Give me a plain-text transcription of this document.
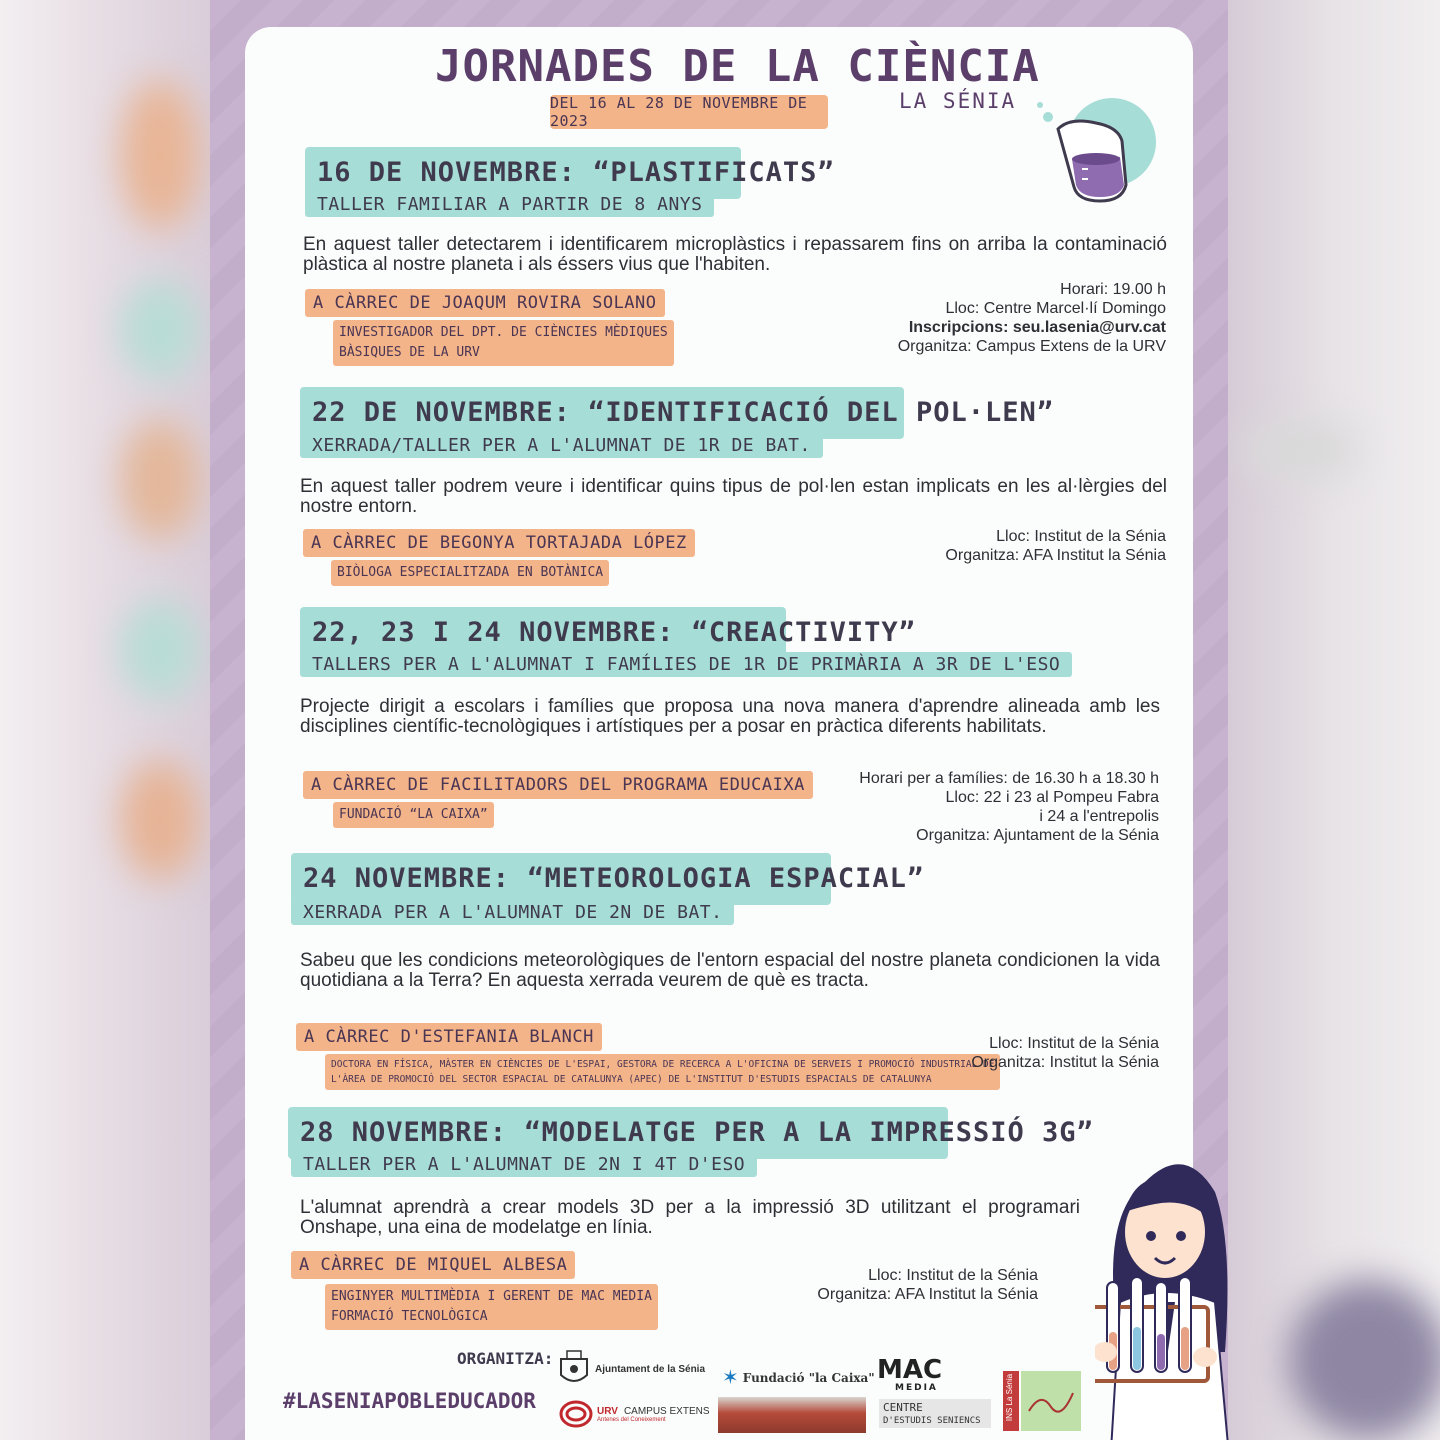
JORNADES DE LA CIÈNCIA
LA SÉNIA
DEL 16 AL 28 DE NOVEMBRE DE 2023
16 DE NOVEMBRE: “PLASTIFICATS”
TALLER FAMILIAR A PARTIR DE 8 ANYS
En aquest taller detectarem i identificarem microplàstics i repassarem fins on arriba la contaminació plàstica al nostre planeta i als éssers vius que l'habiten.
A CÀRREC DE JOAQUM ROVIRA SOLANO
INVESTIGADOR DEL DPT. DE CIÈNCIES MÈDIQUES
BÀSIQUES DE LA URV
Horari: 19.00 h
Lloc: Centre Marcel·lí Domingo
Inscripcions: seu.lasenia@urv.cat
Organitza: Campus Extens de la URV
22 DE NOVEMBRE: “IDENTIFICACIÓ DEL POL·LEN”
XERRADA/TALLER PER A L'ALUMNAT DE 1R DE BAT.
En aquest taller podrem veure i identificar quins tipus de pol·len estan implicats en les al·lèrgies del nostre entorn.
A CÀRREC DE BEGONYA TORTAJADA LÓPEZ
BIÒLOGA ESPECIALITZADA EN BOTÀNICA
Lloc: Institut de la Sénia
Organitza: AFA Institut la Sénia
22, 23 I 24 NOVEMBRE: “CREACTIVITY”
TALLERS PER A L'ALUMNAT I FAMÍLIES DE 1R DE PRIMÀRIA A 3R DE L'ESO
Projecte dirigit a escolars i famílies que proposa una nova manera d'aprendre alineada amb les disciplines científic-tecnològiques i artístiques per a posar en pràctica diferents habilitats.
A CÀRREC DE FACILITADORS DEL PROGRAMA EDUCAIXA
FUNDACIÓ “LA CAIXA”
Horari per a famílies: de 16.30 h a 18.30 h
Lloc: 22 i 23 al Pompeu Fabra
i 24 a l'entrepolis
Organitza: Ajuntament de la Sénia
24 NOVEMBRE: “METEOROLOGIA ESPACIAL”
XERRADA PER A L'ALUMNAT DE 2N DE BAT.
Sabeu que les condicions meteorològiques de l'entorn espacial del nostre planeta condicionen la vida quotidiana a la Terra? En aquesta xerrada veurem de què es tracta.
A CÀRREC D'ESTEFANIA BLANCH
DOCTORA EN FÍSICA, MÀSTER EN CIÈNCIES DE L'ESPAI, GESTORA DE RECERCA A L'OFICINA DE SERVEIS I PROMOCIÓ INDUSTRIAL DE
L'ÀREA DE PROMOCIÓ DEL SECTOR ESPACIAL DE CATALUNYA (APEC) DE L'INSTITUT D'ESTUDIS ESPACIALS DE CATALUNYA
Lloc: Institut de la Sénia
Organitza: Institut la Sénia
28 NOVEMBRE: “MODELATGE PER A LA IMPRESSIÓ 3G”
TALLER PER A L'ALUMNAT DE 2N I 4T D'ESO
L'alumnat aprendrà a crear models 3D per a la impressió 3D utilitzant el programari Onshape, una eina de modelatge en línia.
A CÀRREC DE MIQUEL ALBESA
ENGINYER MULTIMÈDIA I GERENT DE MAC MEDIA
FORMACIÓ TECNOLÒGICA
Lloc: Institut de la Sénia
Organitza: AFA Institut la Sénia
ORGANITZA:
#LASENIAPOBLEDUCADOR
Ajuntament de la Sénia ✶ Fundació "la Caixa" MAC
MEDIA	INS La Sénia
URV CAMPUS EXTENS
Antenes del Coneixement
CENTRE
D'ESTUDIS SENIENCS
